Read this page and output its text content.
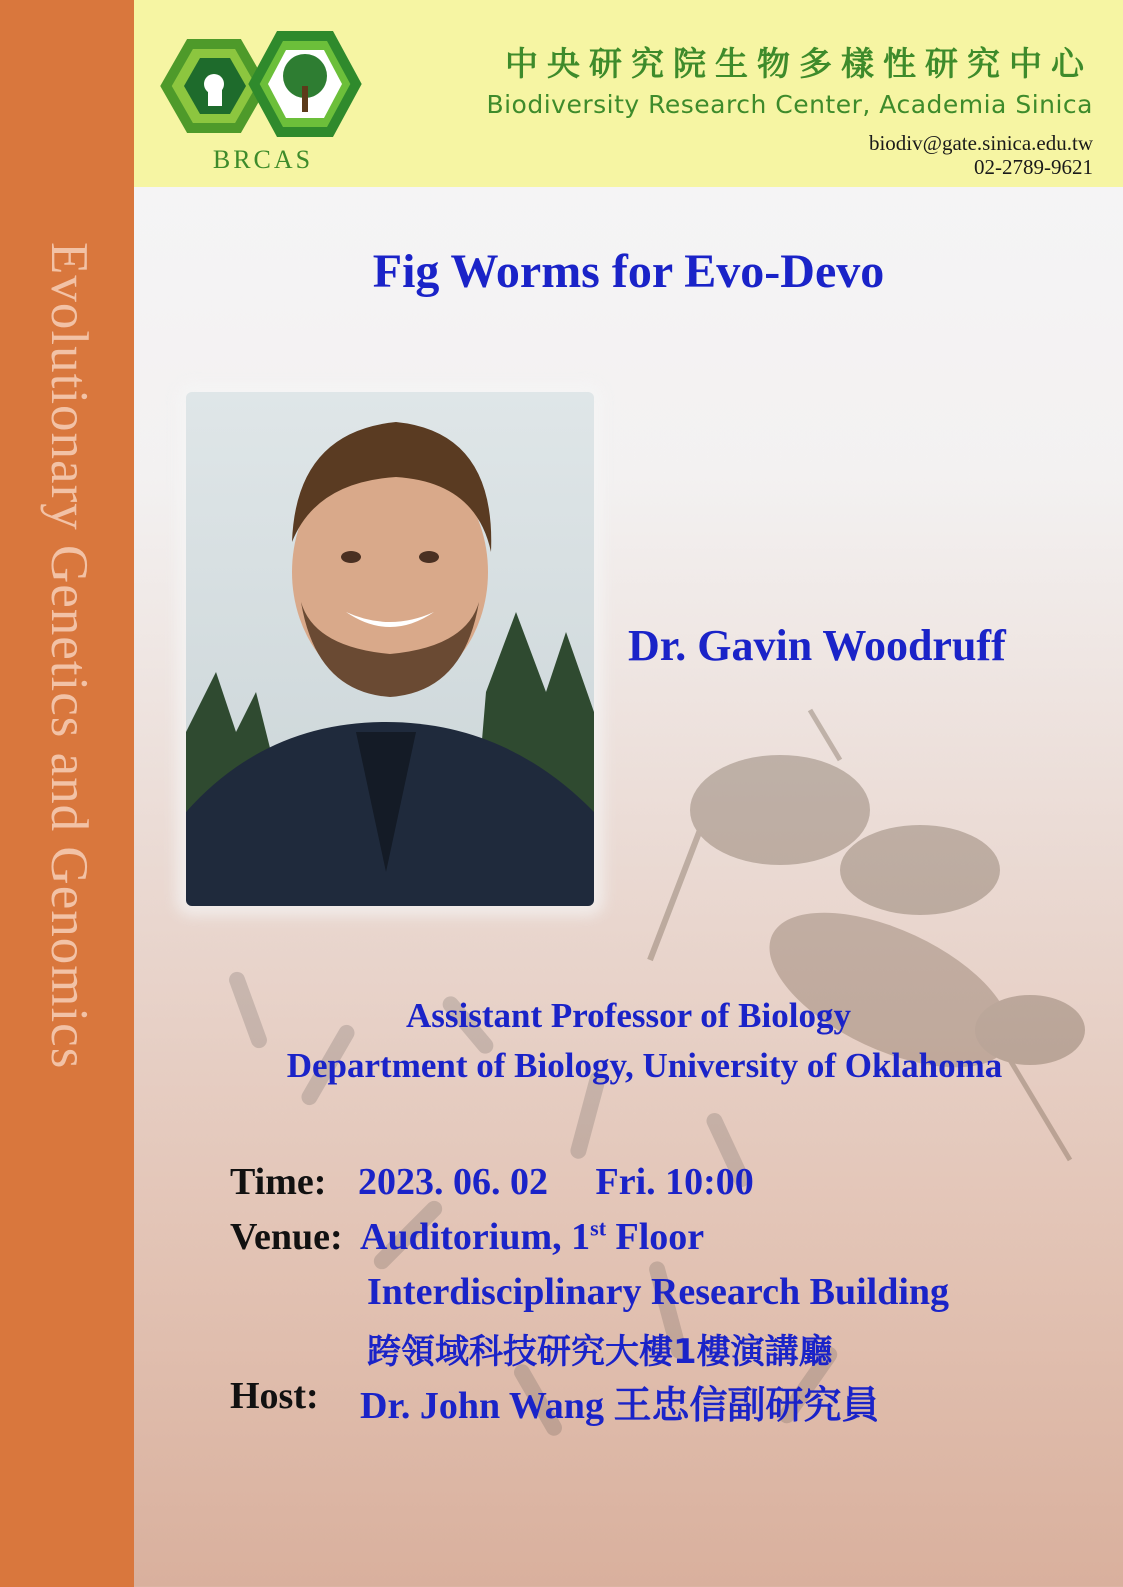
Evolutionary Genetics and Genomics
BRCAS
中央研究院生物多樣性研究中心
Biodiversity Research Center, Academia Sinica
biodiv@gate.sinica.edu.tw
02-2789-9621
Fig Worms for Evo-Devo
Dr. Gavin Woodruff
Assistant Professor of Biology
Department of Biology, University of Oklahoma
Time: 2023. 06. 02     Fri. 10:00
Venue: Auditorium, 1st Floor
Interdisciplinary Research Building
跨領域科技研究大樓1樓演講廳
Host: Dr. John Wang 王忠信副研究員
